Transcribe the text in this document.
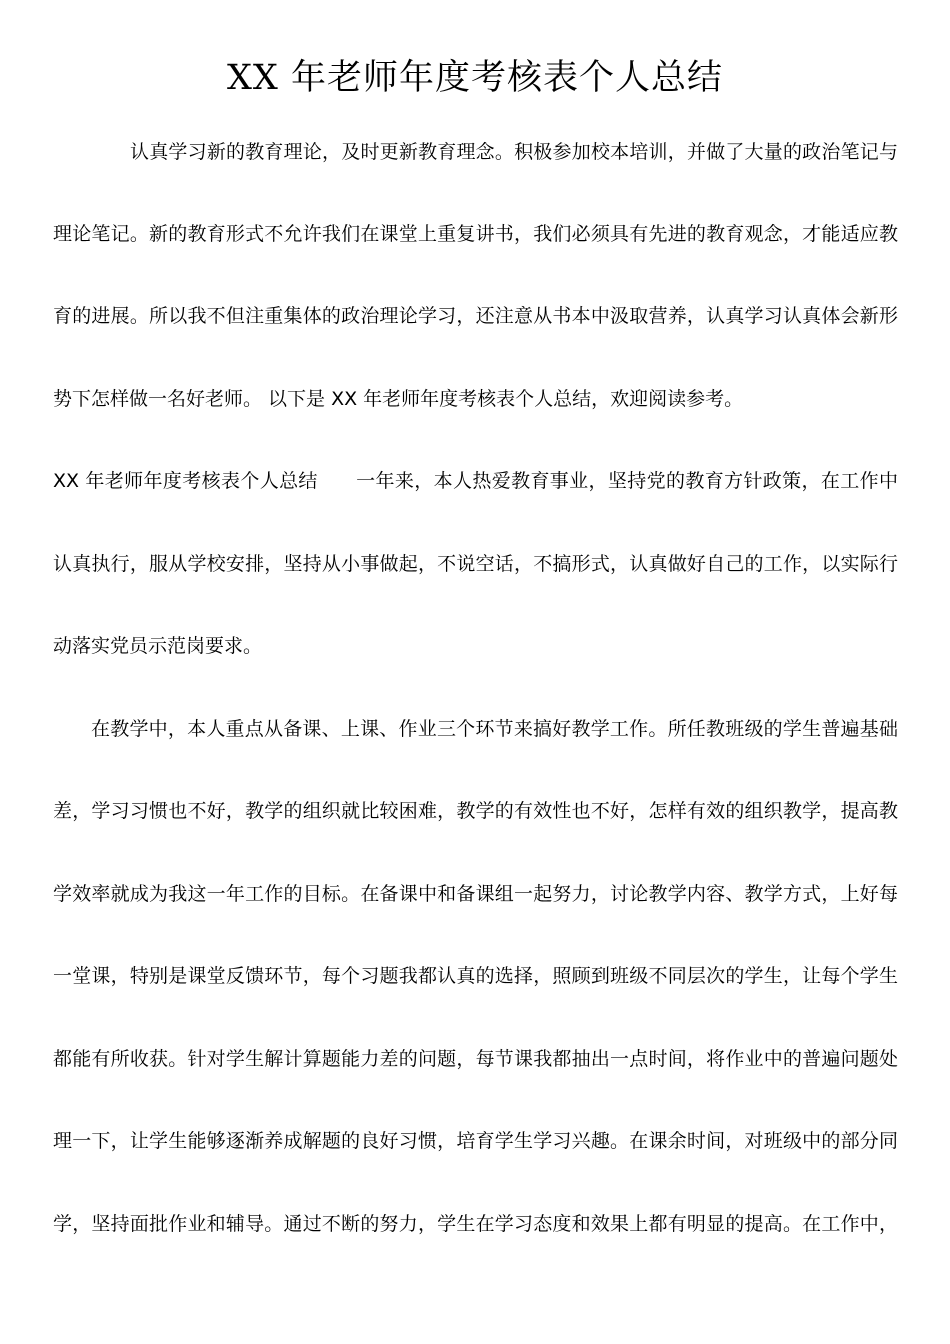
XX 年老师年度考核表个人总结
认真学习新的教育理论，及时更新教育理念。积极参加校本培训，并做了大量的政治笔记与
理论笔记。新的教育形式不允许我们在课堂上重复讲书，我们必须具有先进的教育观念，才能适应教
育的进展。所以我不但注重集体的政治理论学习，还注意从书本中汲取营养，认真学习认真体会新形
势下怎样做一名好老师。 以下是 XX 年老师年度考核表个人总结，欢迎阅读参考。
XX 年老师年度考核表个人总结 一年来，本人热爱教育事业，坚持党的教育方针政策，在工作中
认真执行，服从学校安排，坚持从小事做起，不说空话，不搞形式，认真做好自己的工作，以实际行
动落实党员示范岗要求。
在教学中，本人重点从备课、上课、作业三个环节来搞好教学工作。所任教班级的学生普遍基础
差，学习习惯也不好，教学的组织就比较困难，教学的有效性也不好，怎样有效的组织教学，提高教
学效率就成为我这一年工作的目标。在备课中和备课组一起努力，讨论教学内容、教学方式，上好每
一堂课，特别是课堂反馈环节，每个习题我都认真的选择，照顾到班级不同层次的学生，让每个学生
都能有所收获。针对学生解计算题能力差的问题，每节课我都抽出一点时间，将作业中的普遍问题处
理一下，让学生能够逐渐养成解题的良好习惯，培育学生学习兴趣。在课余时间，对班级中的部分同
学，坚持面批作业和辅导。通过不断的努力，学生在学习态度和效果上都有明显的提高。在工作中，
